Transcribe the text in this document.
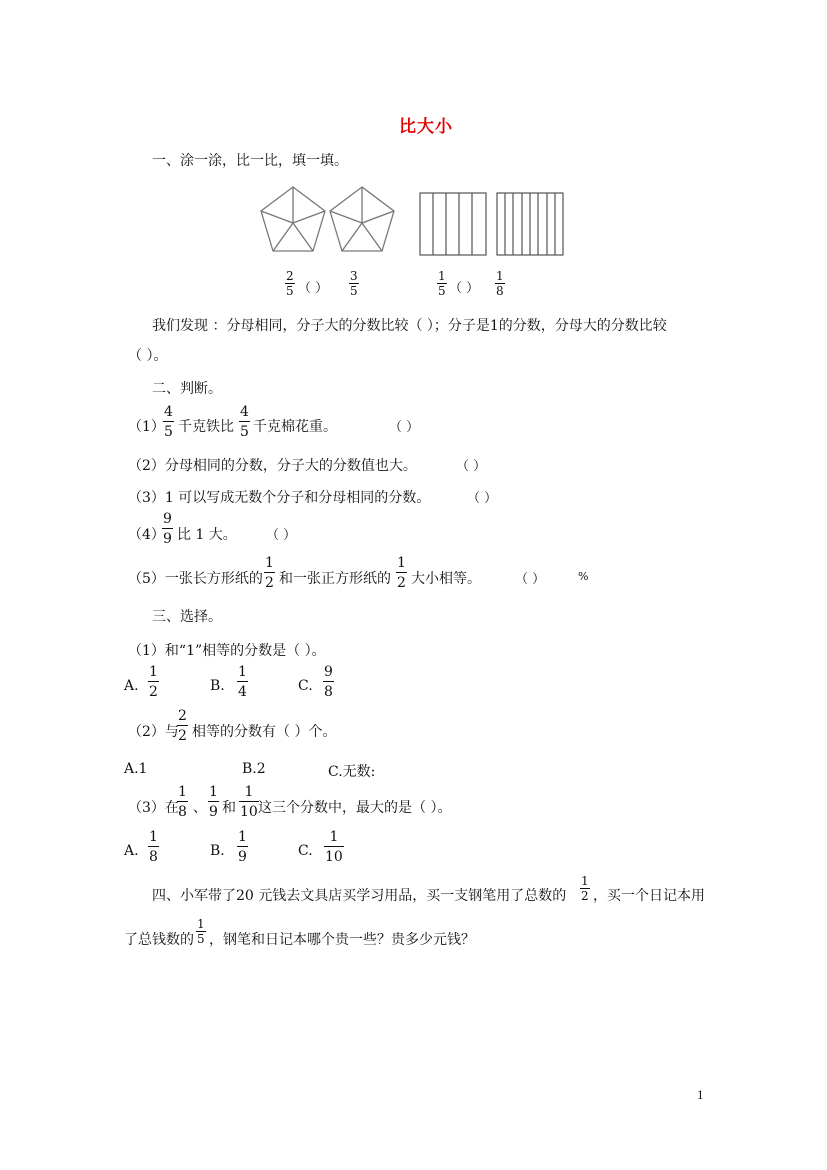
比大小
一、涂一涂，比一比，填一填。
2
5 （ ）
3
5
1
5 （ ）
1
8
我们发现 ：分母相同，分子大的分数比较（ ）；分子是1的分数，分母大的分数比较
（ ）。
二、判断。
（1）
4
5 千克铁比
4
5 千克棉花重。	（ ）
（2）分母相同的分数，分子大的分数值也大。	（ ）
（3）1 可以写成无数个分子和分母相同的分数。	（ ）
（4）
9
9 比 1 大。 （ ）
（5）一张长方形纸的
1
2 和一张正方形纸的
1
2 大小相等。	（ ）	%
三、选择。
（1）和“1”相等的分数是（ ）。
A.
1
2	B.
1
4	C.
9
8
（2）与
2
2 相等的分数有（ ）个。
A.1	B.2	C.无数:
（3）在
1
8 、
1
9 和
1
10 这三个分数中，最大的是（ ）。
A.
1
8	B.
1
9	C.
1
10
四、小军带了20 元钱去文具店买学习用品，买一支钢笔用了总数的
1
2 ，买一个日记本用
了总钱数的
1
5 ，钢笔和日记本哪个贵一些？贵多少元钱？
1
